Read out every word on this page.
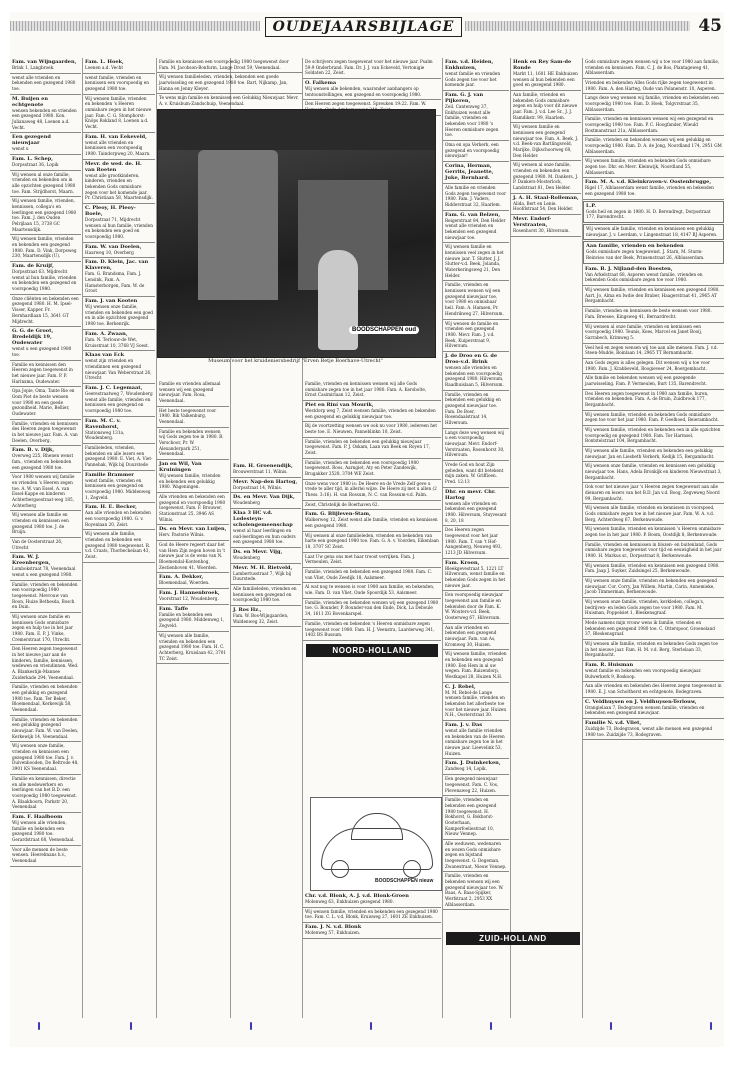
OUDEJAARSBIJLAGE	45
Fam. van Wijngaarden,
Brink 1, Langbroek.
wenst alle vrienden en bekenden een gezegend 1980 toe.
M. Buijen en echtgenote
wensen bekenden en vrienden een gezegend 1980. Kon. Julianaweg 48, Loenen a.d. Vecht.
Een gezegend nieuwjaar
wenst u
Fam. L. Schep,
Dorpsstraat 36, Lopik
Wij wensen al onze familie, vrienden en bekenden om in alle opzichten gezegend 1980 toe. Fam. Strijdhorst, Maarn.
Wij wensen familie, vrienden, kennissen, collega's en leerlingen een gezegend 1980 toe. Fam. J. den Ouden Pelrijlaan 15, 3738 GC Maartensdijk.
Wij wensen familie, vrienden en bekenden een gezegend 1980. Fam. D. Vink, Dorpsweg 230, Maartensdijk (U).
Fam. de Kruijf,
Dorpsstraat 63, Mijdrecht wenst al hun familie, vrienden en bekenden een gezegend en voorspoedig 1980.
Onze cliënten en bekenden een gezegend 1980. H. M. Ipsel-Visser, Kapper. Fr. Bernhardlaan 15, 3641 GT Mijdrecht.
G. G. de Groot, Bredeldijk 19, Oudewater
wenst u een gezegend 1980 toe.
Familie en kennissen den Heeren zegen toegewenst in het nieuwe jaar. Fam. P. P. Harinxma, Oudewater.
Opa Jopie, Oma, Tante Rie en Oom Piet de beste wensen voor 1980 en een goede gezondheid. Marie, Bellier, Oudewater.
Familie, vrienden en kennissen des Heeren zegen toegewenst in het nieuwe jaar. Fam. A. van Deelen, Overberg.
Fam. B. v. Dijk,
Overweg 225, Rhenen wenst fam., vrienden en bekenden een gezegend 1980 toe.
Voor 1980 wensen wij familie en vrienden 's Heeren zegen toe. A. W. van Essel, A. van Essel-Kappe en kinderen Achterbergsestraat-weg 185, Achterberg
Wij wensen alle familie en vrienden en kennissen een gezegend 1980 toe. J. de Bruijn.
Van de Oosterstraat 26, Utrecht
Fam. W. J. Kreenbergen,
Lombokstraat 78, Veenendaal wenst u een gezegend 1980.
Familie, vrienden en bekenden een voorspoedig 1980 toegewenst. Mevrouw van Roon, Huize Bethesda, Bosch en Duin.
Wij wensen onze familie en kennissen Gods onmisbare zegen en hulp toe in het jaar 1980. Fam. E. P. J. Vinke, Cremerstraat 170, Utrecht.
Den Heeren zegen toegewenst in het nieuwe jaar aan de kinderen, familie, kennissen, wedewen en vriendinnen. Wed. A. Blankestijn-Mannee Zuiderkade 294, Veenendaal.
Familie, vrienden en bekenden een gelukkig en gezegend 1980 toe. Fam. Ter Beker, Bloemendaal, Kerkewijk 58, Veenendaal.
Familie, vrienden en bekenden een gelukkig gezegend nieuwjaar. Fam. W. van Deelen, Kerkewijk 14, Veenendaal.
Wij wensen onze familie, vrienden en kennissen een gezegend 1980 toe. Fam. J. v. Duivenbooden, De Beltrode 48, 3901 KS Veenendaal.
Familie en kennissen, directie en alle medewerkers en leerlingen van het B.D. een voorspoedig 1980 toegewenst. A. Blaakhoorn, Parkstr 20, Veenendaal
Fam. F. Haalboom
Wij wensen alle vrienden, familie en bekenden een gezegend 1980 toe. Gerardstraat 68, Veenendaal.
Voor alle mensen de beste wensen. Heerelmans h.v., Veenendaal
Fam. L. Hoek,
Loenen a.d. Vecht
wenst familie, vrienden en kennissen een voorspoedig en gezegend 1980 toe.
Wij wensen familie, vrienden en bekenden 's Heeren onmisbare zegen in het nieuwe jaar. Fam. C. G. Stomphorst-Knöps Rokland 8, Loenen a.d. Vecht.
Fam. H. van Eekeveld,
wenst alle vrienden en kennissen een voorspoedig 1980. Taindorpweg 20, Maarn.
Mevr. de wed. de. H. van Roeten
wenst alle grootkinderen, kinderen, vrienden en bekenden Gods onmisbare zegen voor het komende jaar. Pr. Christiaan 58, Maartensdijk.
C. Pleoy, H. Pleoy-Boele,
Dorpsstraat 71, Mijdrecht wensen al hun familie, vrienden en bekenden een goed en voorspoedig 1980.
Fam. W. van Doelen,
Haarweg 10, Overberg
Fam. D. Klein, Jac. van Klaveren,
Fam. G. Brandsma, Fam. J. Lensink, Fam. A. Hamsterborgen, Fam. W. de Groot
Fam. J. van Kooten
Wij wensen onze familie, vrienden en bekenden een goed en in alle opzichten gezegend 1980 toe. Berkenrijk.
Fam. A. Zwaan,
Fam. N. Terlouw-de Wet, Kruisstraat 10, 3768 VJ Soest.
Klaas van Eck
wenst zijn vrienden en vriendinnen een gezegend nieuwjaar. Van Weberstraat 26, Utrecht
Fam. J. C. Legemaat,
Geerestraatweg 7, Woudenberg wenst alle familie, vrienden en kennissen een gezegend en voorspoedig 1980 toe.
Fam. M. C. v. Ravenhorst,
Stationsweg 131a, Woudenberg.
Familieleden, vrienden, bekenden en alle lezers een gezegend 1980. E. Viet, A. Viet-Pannebak, Wijk bij Duurstede
Familie Brammer
wenst familie, vrienden en kennissen een gezegend en voorspoedig 1980. Middenweg 1, Zegveld.
Fam. H. E. Becker,
Aan alle vrienden en bekenden een voorspoedig 1980. G. v. Royenlaan 20, Zeist.
Wij wensen alle familie, vrienden en bekenden een gezegend 1980 toegewenst. R. v.d. Craats, Thorbeckelaan 43, Zeist.
Familie en vrienden allemaal wensen wij een gezegend nieuwjaar. Fam. Rosa, Veenendaal.
Het beste toegewenst voor 1980. Bik Valkenburg, Veenendaal.
Familie en bekenden wensen wij Gods zegen toe in 1980. B. Verschoor, Pr. W. Alexanderpark 251, Veenendaal.
Jan en Wil, Van Kruiningen
Wij wensen familie, vrienden en bekenden een gelukkig 1980. Wageningen.
Alle vrienden en bekenden een gezegend en voorspoedig 1980 toegewenst. Fam. F. Brouwer, Stationstraat 25, 3946 AS Wilnis.
Ds. en Mevr. van Luijen,
Herv. Pastorie Wilnis.
God de Heere regeert daar het van Hem Zijn zegen hoven in 't nieuwe jaar is de wens van N. Bloemendal-Kontenbog, Zestienhoven 41, Woerden.
Fam. A. Dekker,
Bloemendaal, Woerden.
Fam. J. Hannenbroek,
Voorstraat 12, Woudenberg.
Fam. Taffe
Familie en bekenden een gezegend 1980. Middenweg 1, Zegveld.
Wij wensen alle familie, vrienden en bekenden een gezegend 1980 toe. Fam. H. C. Achterberg, Kruislaan 42, 3701 TC Zeist.
Familie en kennissen een voorspoedig 1980 toegewenst door Fam. M. Jacobson-Bonfurm, Lange Drost 59, Veenendaal.
Wij wensen familieleden, vrienden, bekenden een goede jaarwisseling en een gezegend 1980 toe. Bart, Nijkamp, Jan, Hanna en Jenny Kleyer.
Te wens mijn familie en kennissen een Gelukkig Nieuwjaar. Mevr. A. v. Kruisbum-Zandschuip, Veenendaal.
Fam. H. Groenendijk,
Brouwerstraat 11, Wilnis.
Mevr. Nap-den Hartog,
Dorpsstraat 14, Wilnis.
Ds. en Mevr. Van Dijk,
Woudenberg
Klaa 3 HC v.d. Lodesteyn-scholengemeenschap
wenst al haar leerlingen en oud-leerlingen en hun ouders een gezegend 1980 toe.
Ds. en Mevr. Vijg,
Woudenberg
Mevr. M. H. Rietveld,
Lambertusstraat 7, Wijk bij Duurstede.
Alle familieleden, vrienden en kennissen een gezegend en voorspoedig 1980 toe.
J. Ros Hz.,
Fam. W. Bos-Wijngaarden, Waldenweg 32, Zeist.
Familie, vrienden en kennissen wensen wij alle Gods onmisbare zegen toe in het jaar 1980. Fam. A. Kersbolte, Ernst Casimirlaan 12, Zeist.
Piet en Riní van Mourik,
Westdorp weg 7, Zeist wensen familie, vrienden en bekenden een gezegend en gelukkig nieuwjaar toe.
Bij de voortzetting wensen we ook nu voor 1980, iedereen het beste toe. E. Nieuwen, Panneblinkn 10, Zeist.
Familie, vrienden en bekenden een gelukkig nieuwjaar toegewenst. Fam. P. J. Oskam, Laan van Beek en Royen 17, Zeist.
Familie, vrienden en bekenden een voorspoedig 1980 toegewenst. Roos, Aarngiet, Aty en Peter Zandewijk, Brugakker 2528, 3704 WE Zeist.
Onze wens voor 1980 is: De Heere en de Vrede Zelf geve u vrede te aller tijd, in allerlei wijze. De Heere zij met u allen (2 Thess. 3:16). H. van Rossum, N. C. van Rossum-v.d. Palm.
Zeist, Christelijk de Boerhaven 62.
Fam. G. Blijleven-Stam,
Walkerweg 12, Zeist wenst alle familie, vrienden en kennissen een gezegend 1980.
Wij wensen al onze familieleden, vrienden en bekenden van harte een gezegend 1980 toe. Fam. G. A. v. Voorden, Eikenlaan 18, 3707 SC Zeist.
Laat Uw gena ons met haar troost verrijken. Fam. J. Vermeulen, Zeist.
Familie, vrienden en bekenden een gezegend 1980. Fam. C. van Vliet, Oude Zeedijk 18, Aalsmeer.
Al wat nog te wensen is voor 1980 aan familie, en bekenden, wie. Fam. D. van Vliet, Oude Spoordijk 53, Aalsmeer.
Familie, vrienden en bekenden wensen wij een gezegend 1980 toe. G. Bounder, P. Bounder-van den Ende, Dick, La Deboule 34, 1611 ZG Bovenkarspel.
Familie, vrienden en bekenden 's Heeren onmisbare zegen toegewenst voor 1980. Fam. H. J. Veenstra, Laarderweg 341, 1402 BS Bussum.
De schrijvers zegen toegewenst voor het nieuwe jaar. Psalm 59:9 Onderbrand. Fam. Dr. J. J. van Eckeveld, Vertonigie Soldaten 22, Zeist.
O. Falkema
Wij wensen alle bekenden, waaronder aanhangers op tentoonstellingen, een gezegend en voorspoedig 1980.
Den Heeren zegen toegewenst. Spreuken 19:22. Fam. W.
Chr. v.d. Blonk, A. J. v.d. Blonk-Groen
Molenweg 63, Enkhuizen gezegend 1980.
Wij wensen familie, vrienden en bekenden een gezegend 1980 toe. Fam. C. L. v.d. Blonk, Kruisweg 27, 1601 ZE Enkhuizen.
Fam. J. N. v.d. Blonk
Molenweg 57, Enkhuizen.
Fam. v.d. Heiden, Enkhuizen,
wenst familie en vrienden Gods zegen toe voor het komende jaar.
Fam. G. J. van Pijkeren,
Zeil. Cantenweg 37, Enkhuizen wenst alle familie, vrienden en bekenden voor 1980 's Heeren onmisbare zegen toe.
Oma en opa Verkerk, een gezegend en voorspoedig nieuwjaar!
Corina, Herman, Gerrits, Jeanette, Juke, Bernhard.
Alle familie en vrienden Gods zegen toegewenst voor 1980. Fam. J. Vaders, Ridderstraat 32, Haarlem.
Fam. G. van Belzen,
Reigerstraat 84, Den Helder wenst alle vrienden en bekenden een gezegend nieuwjaar toe.
Wij wensen familie en kennissen veel zegen in het nieuwe jaar. T. Slutter, J. J. Slutter-v.d. Beek, Jolanda, Waterkeringsweg 21, Den Helder.
Familie, vrienden en kennissen wensen wij een gezegend nieuwjaar toe, voor 1980 en onmisbaar heil. Fam. A. Hamsen, Pr. Hendrikweg 27, Hilversum.
Wij wensen de familie en vrienden een gezegend 1980. Mevr. Fam. J. v.d. Beek, Kuiperstraat 9, Hilversum.
J. de Droo en G. de Droo-v.d. Brink
wensen alle vrienden en bekenden een voorspoedig gezegend 1980. Hilversum, Raadhuislaan 5, Hilversum.
Familie, vrienden en bekenden een gelukkig en gezegend nieuwjaar toe. Fam. De Boer, Rosendaalstraat 14, Hilversum.
Langs deze weg wensen wij u een voorspoedig nieuwjaar. Mevr. Endorf-Verstraaten, Rosenhorst 30, Hilversum.
Vrede God en hout Zijn gebeden, want dit betekent mijn zaken. W. Griffioen. Pred. 12:13
Dhr. en mevr. Chr. Hartog
wensen alle vrienden en bekenden een gezegend 1980. Hilversum, Stuyvesant 8, 20, 18
Des Heeren zegen toegewenst voor het jaar 1980. Fam. T. van 't Hof-Aangenberg, Neuweg 493, 1213 JD Hilversum.
Fam. Kroon,
Bleekgevestraat 5, 1221 LT Hilversum, wenst familie en bekenden Gods zegen in het nieuwe jaar.
Een voorspoedig nieuwjaar toegewenst aan familie en bekenden door de Fam. K. W. Wouters-v.d. Beek, Oosterweg 67, Hilversum.
Aan alle vrienden en bekenden een gezegend nieuwjaar. Fam. van As, Kromweg 30, Huizen.
Wij wensen familie, vrienden en bekenden een gezegend 1980. Een Hem in al uw wegen. Fam. Ruizendorp, Westkapel 28, Huizen N.H.
C. J. Rebel,
M. M. Rebel-de Lange wensen familie, vrienden en bekenden het allerbeste toe voor het nieuwe jaar. Huizen N.H., Oosterstraat 30.
Fam. J. v. Das
wenst alle familie vrienden en bekenden van de Heeren onmisbare zegen toe in het nieuwe jaar. Lieevelink 53, Huizen.
Fam. J. Duinkerken,
Zandweg 14, Lopik.
Een gezegend nieuwjaar toegewenst. Fam. C. Vos, Plevenaweg 22, Huizen.
Familie, vrienden en bekenden een gezegend 1980 toegewenst. H. Bokhorst, G. Bokhorst-Oosterhaan, Kamperfoeliestraat 10, Nieuw Vennep.
Alle weduwen, wedenaren en wezen Gods onmisbare zegen en bijstand toegewenst. G. Degeman, Zwanestraat, Nieuw Vennep.
Familie, vrienden en bekenden wensen wij een gezegend nieuwjaar toe. W. Baas, A. Baas-Spijker, Werfstraat 2, 2953 XX Alblasserdam.
Henk en Rey Sam-de Ronde
Markt 11, 1601 HE Enkhuizen wensen al hun bekenden een goed en gezegend 1980.
Aan familie, vrienden en bekenden Gods onmisbare zegen en hulp voor dit nieuwe jaar. Fam. J. v.d. Lee Sr., J. J. Ramdikstr. 99, Haarlem.
Wij wensen familie en kennissen een gezegend nieuwjaar toe. Fam. A. Beek, J. v.d. Beek-van Bartlingsveld, Marijke, Dijkschoorweg 60, Den Helder.
Wij wensen al onze familie, vrienden en bekenden een gezegend 1980. M. Dankers, J. P. Dankers-Mosterlock, Landstraat 81, Den Helder.
J. A. H. Staal-Rolleman,
Alida, Bert en Lenie. Hoofdstraat 54, Den Helder.
Mevr. Endorf-Verstraaten,
Rosenhorst 30, Hilversum.
Gods onmisbare zegen wensen wij u toe voor 1980 aan familie, vrienden en kennissen. Fam. C. J. de Bos, Plantageweg 41, Alblasserdam.
Vrienden en bekenden Alles Gods rijke zegen toegewenst in 1980. Fam. A. den Harteg, Oude van Polanenstr. 10, Asperen.
Langs deze weg wensen wij familie, vrienden en bekenden een voorspoedig 1980 toe. Fam. D. Hoek, Tolgvrstraat 35, Alblasserdam.
Familie, vrienden en kennissen wensen wij een gezegend en voorspoedig 1980 toe. Fam. P. C. Hoogfander, Wieuld Boxtmanstraat 21a, Alblasserdam.
Familie, vrienden en bekenden wensen wij een gelukkig en voorspoedig 1980. Fam. D. A. de Jong, Noordland 174, 2951 GM Alblasserdam.
Wij wensen familie, vrienden en bekenden Gods onmisbare zegen toe. Dhr. en Mevr. Kleinwijk, Noordland 55, Alblasserdam.
Fam. M. A. v.d. Kleinkraven-v. Oostenbrugge,
Rigel 17, Alblasserdam wenst familie, vrienden en bekenden een gezegend 1980 toe.
L.P.
Gods heil en zegen in 1980. H. D. Berendregt, Dorpsstraat 177, Barendrecht.
Wij wensen alle familie, vrienden en kennissen een gelukkig nieuwjaar. J. v. Leerdam, v. Lingenstraat 18, 4147 BJ Asperen.
Aan familie, vrienden en bekenden
Gods onmisbare zegen toegewenst. J. Starn, M. Sturm-Reinvieo van der Beek, Prinsenstraat 26, Alblasserdam.
Fam. B. J. Nijland-den Boesten,
Van Arkelstraat 68, Asperen wenst familie, vrienden en bekenden Gods onmisbare zegen toe voor 1980.
Wij wensen familie, vrienden en kennissen een gezegend 1980. Aart, Jo, Alma en Iwdie den Braber, Haagerstraat 41, 2965 AT Bergambacht.
Familie, vrienden en kennissen de beste wensen voor 1980. Fam. Breesee, Kingsweg 41, Bernardrecht.
Wij wensen al onze familie, vrienden en kennissen een voorspoedig 1980. Teunis, Kees, Marcel en Janet Booij, Sarrabech, Krimweg 5.
Veel heil en zegen wensen wij toe aan alle mensen. Fam. J. v.d. Steen-Mudde, Boinlaan 14, 2965 TT Bernambacht.
Aan Gods zegen is alles gelegen. Dit wensen wij u toe voor 1980. Fam. J. Krabbeveld, Boogieveer 24, Boergembacht.
Alle familie en bekenden wensen wij een gezegende jaarwisseling. Fam. P. Vermeulen, Burt 135, Barendrecht.
Des Heeren zegen toegewenst in 1980 aan familie, buren, vrienden en bekenden. Fam. A. de Bruin, Zuidbrook 177, Bergambacht.
Wij wensen familie, vrienden en bekenden Gods onmisbare zegen toe voor het jaar 1980. Fam. P. Geelhoed, Beierambacht.
Wij wensen familie, vrienden en bekenden een in alle opzichten voorspoedig en gezegend 1980. Fam. Ter Harmsel, Bontstelstraat 104, Bergambacht.
Wij wensen alle familie, vrienden en bekenden een gelukkig nieuwjaar. Jan en Liesbeth Verkerk, Kedijk 15, Bergambacht.
Wij wensen onze familie, vrienden en kennissen een gelukkig nieuwjaar toe. Hans, Adela Bronkijk en kinderen Nieuwstraat 3, Bergambacht.
Ook voor het nieuwe jaar 's Heeren zegen toegewenst aan alle dienaren en lezers van het B.D. Jan v.d. Boog, Zegveweg Noord 99, Bergambacht.
Wij wensen alle familie, vrienden en kennissen in voorspoed, Gods onmisbare zegen toe in het nieuwe jaar. Fam. W. A. v.d. Berg, Achterdweg 67, Berkenwoude.
Wij wensen familie, vrienden en kennissen 's Heeren onmisbare zegen toe in het jaar 1980. P. Boom, Oostdijk 8, Berkenwoude.
Familie, vrienden en kennissen in blozen- en buitenland, Gods onmisbare zegen toegewenst voor tijd en eeuwigheid in het jaar 1980. H. Markus sr., Dorpsstraat 8, Berkenwoude.
Wij wensen familie, vrienden en kennissen een gezegend 1980. Fam. Jaap J. Suyker, Zuidsingel 25, Berkenwoude.
Wij wensen onze familie, vrienden en bekenden een gezegend nieuwjaar. Cor, Corry, Jan Willem, Martin, Carin, Annemieke, Jacob Timmerman, Berkenwoude.
Wij wensen onze familie, vrienden, kerkleden, collega's, bedrijven- en leden Gods zegen toe voor 1980. Fam. M. Huisman, Poppelsiet 1, Bleskensgraaf.
Mede namens mijn vrouw wens ik familie, vrienden en bekenden een gezegend 1980 toe. C. Otterspoor, Groeneland 37, Bleskensgraaf.
Wij wensen alle familie, vrienden en bekenden Gods zegen toe in het nieuwe jaar. Fam. H. M. v.d. Berg, Sterlelaan 33, Bergambacht.
Fam. R. Huisman
wenst familie en bekenden een voorspoedig nieuwjaar. Bulwerkerk 9, Boskoop.
Aan alle vrienden en bekenden des Heeren zegen toegewenst in 1980. E. J. van Scholtherst en echtgenote, Bodegraven.
C. Veldhuysen en J. Veldhuysen-Terlouw,
Orangielaan 7, Bodegraven wensen familie, vrienden en bekenden een gezegend nieuwjaar.
Familie N. v.d. Vliet,
Zuidzijde 73, Bodegraven, wenst alle mensen een gezegend 1980 toe. Zuidzijde 73, Bodegraven.
BOODSCHAPPEN oud
Museum voor het kruideniersbedrijf "Erven Betje Boerhave-Utrecht"
NOORD-HOLLAND
ZUID-HOLLAND
BOODSCHAPPEN nieuw
